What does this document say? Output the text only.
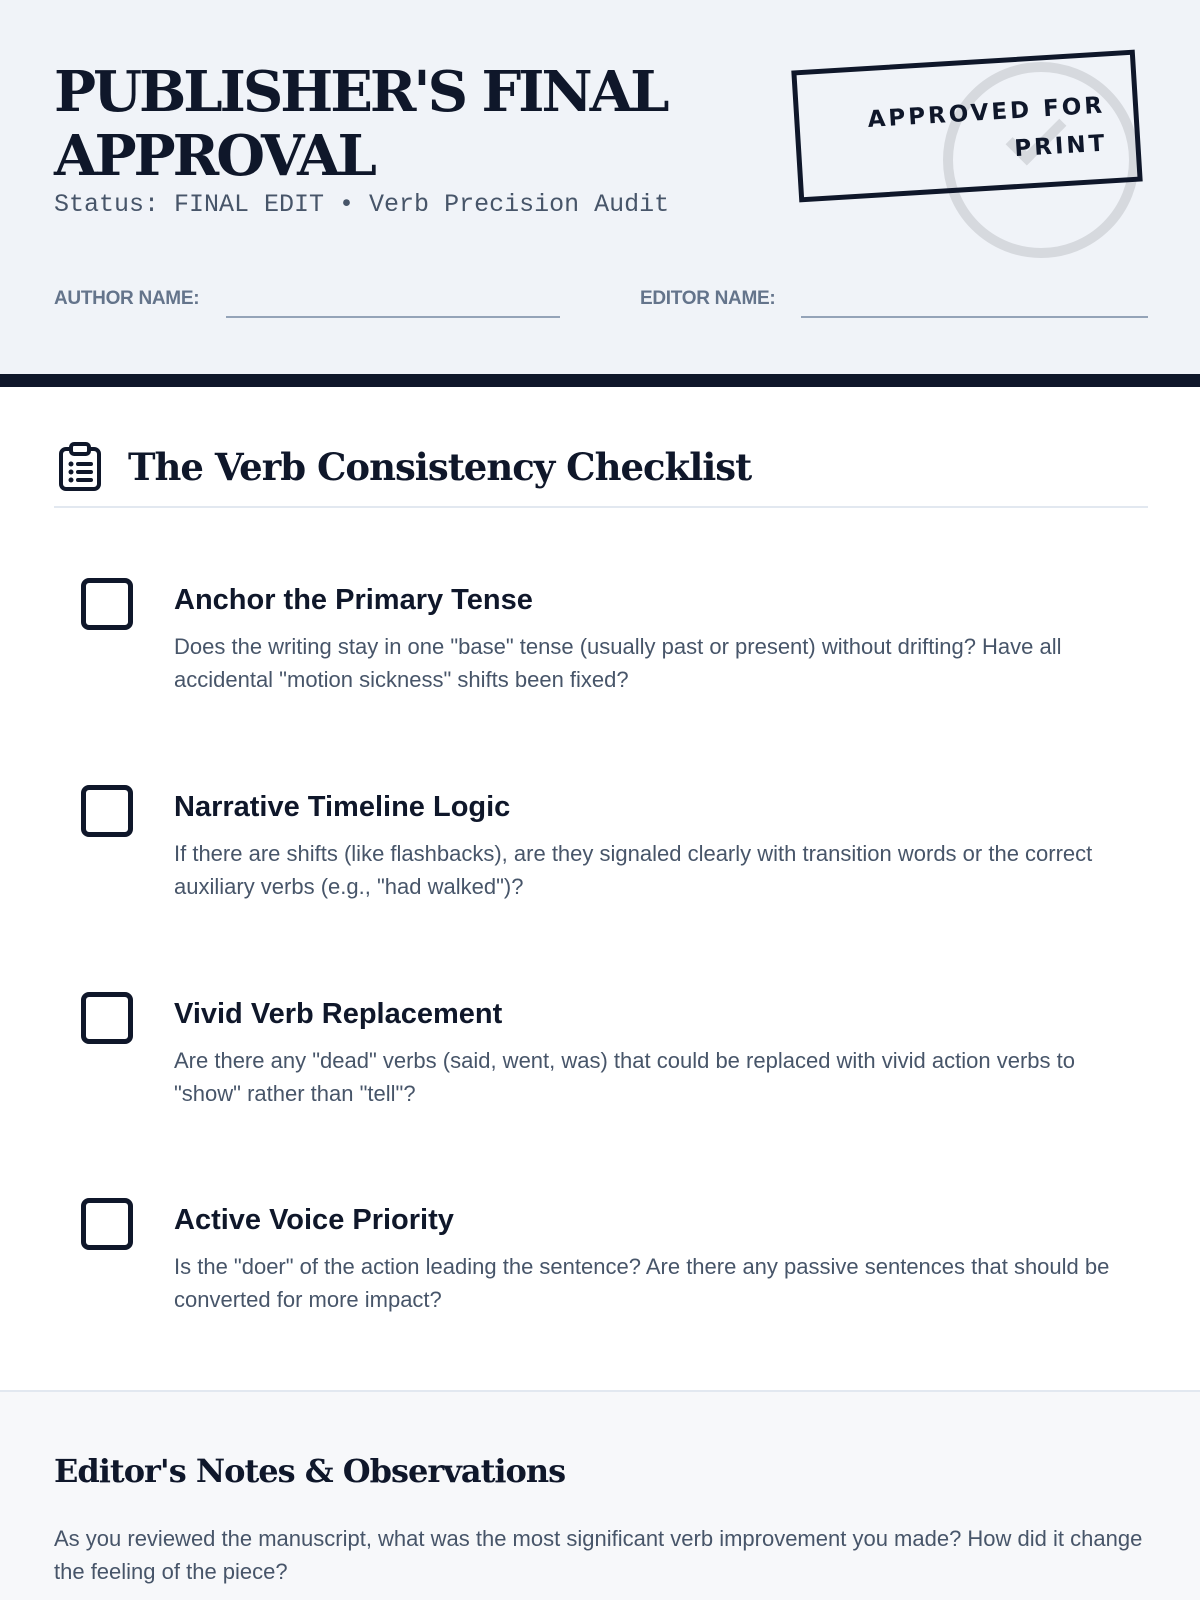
PUBLISHER'S FINAL APPROVAL
Status: FINAL EDIT • Verb Precision Audit
APPROVED FOR
PRINT
AUTHOR NAME:	EDITOR NAME:
The Verb Consistency Checklist
Anchor the Primary Tense
Does the writing stay in one "base" tense (usually past or present) without drifting? Have all accidental "motion sickness" shifts been fixed?
Narrative Timeline Logic
If there are shifts (like flashbacks), are they signaled clearly with transition words or the correct auxiliary verbs (e.g., "had walked")?
Vivid Verb Replacement
Are there any "dead" verbs (said, went, was) that could be replaced with vivid action verbs to "show" rather than "tell"?
Active Voice Priority
Is the "doer" of the action leading the sentence? Are there any passive sentences that should be converted for more impact?
Editor's Notes & Observations
As you reviewed the manuscript, what was the most significant verb improvement you made? How did it change the feeling of the piece?
